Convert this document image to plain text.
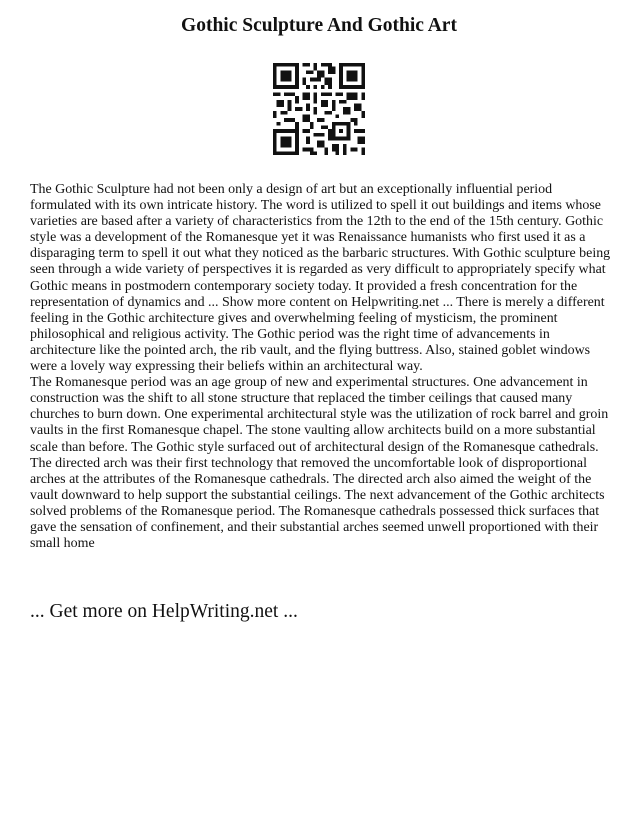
Gothic Sculpture And Gothic Art

The Gothic Sculpture had not been only a design of art but an exceptionally influential period formulated with its own intricate history. The word is utilized to spell it out buildings and items whose varieties are based after a variety of characteristics from the 12th to the end of the 15th century. Gothic style was a development of the Romanesque yet it was Renaissance humanists who first used it as a disparaging term to spell it out what they noticed as the barbaric structures. With Gothic sculpture being seen through a wide variety of perspectives it is regarded as very difficult to appropriately specify what Gothic means in postmodern contemporary society today. It provided a fresh concentration for the representation of dynamics and ... Show more content on Helpwriting.net ... There is merely a different feeling in the Gothic architecture gives and overwhelming feeling of mysticism, the prominent philosophical and religious activity. The Gothic period was the right time of advancements in architecture like the pointed arch, the rib vault, and the flying buttress. Also, stained goblet windows were a lovely way expressing their beliefs within an architectural way.

The Romanesque period was an age group of new and experimental structures. One advancement in construction was the shift to all stone structure that replaced the timber ceilings that caused many churches to burn down. One experimental architectural style was the utilization of rock barrel and groin vaults in the first Romanesque chapel. The stone vaulting allow architects build on a more substantial scale than before. The Gothic style surfaced out of architectural design of the Romanesque cathedrals.

The directed arch was their first technology that removed the uncomfortable look of disproportional arches at the attributes of the Romanesque cathedrals. The directed arch also aimed the weight of the vault downward to help support the substantial ceilings. The next advancement of the Gothic architects solved problems of the Romanesque period. The Romanesque cathedrals possessed thick surfaces that gave the sensation of confinement, and their substantial arches seemed unwell proportioned with their small home

... Get more on HelpWriting.net ...
